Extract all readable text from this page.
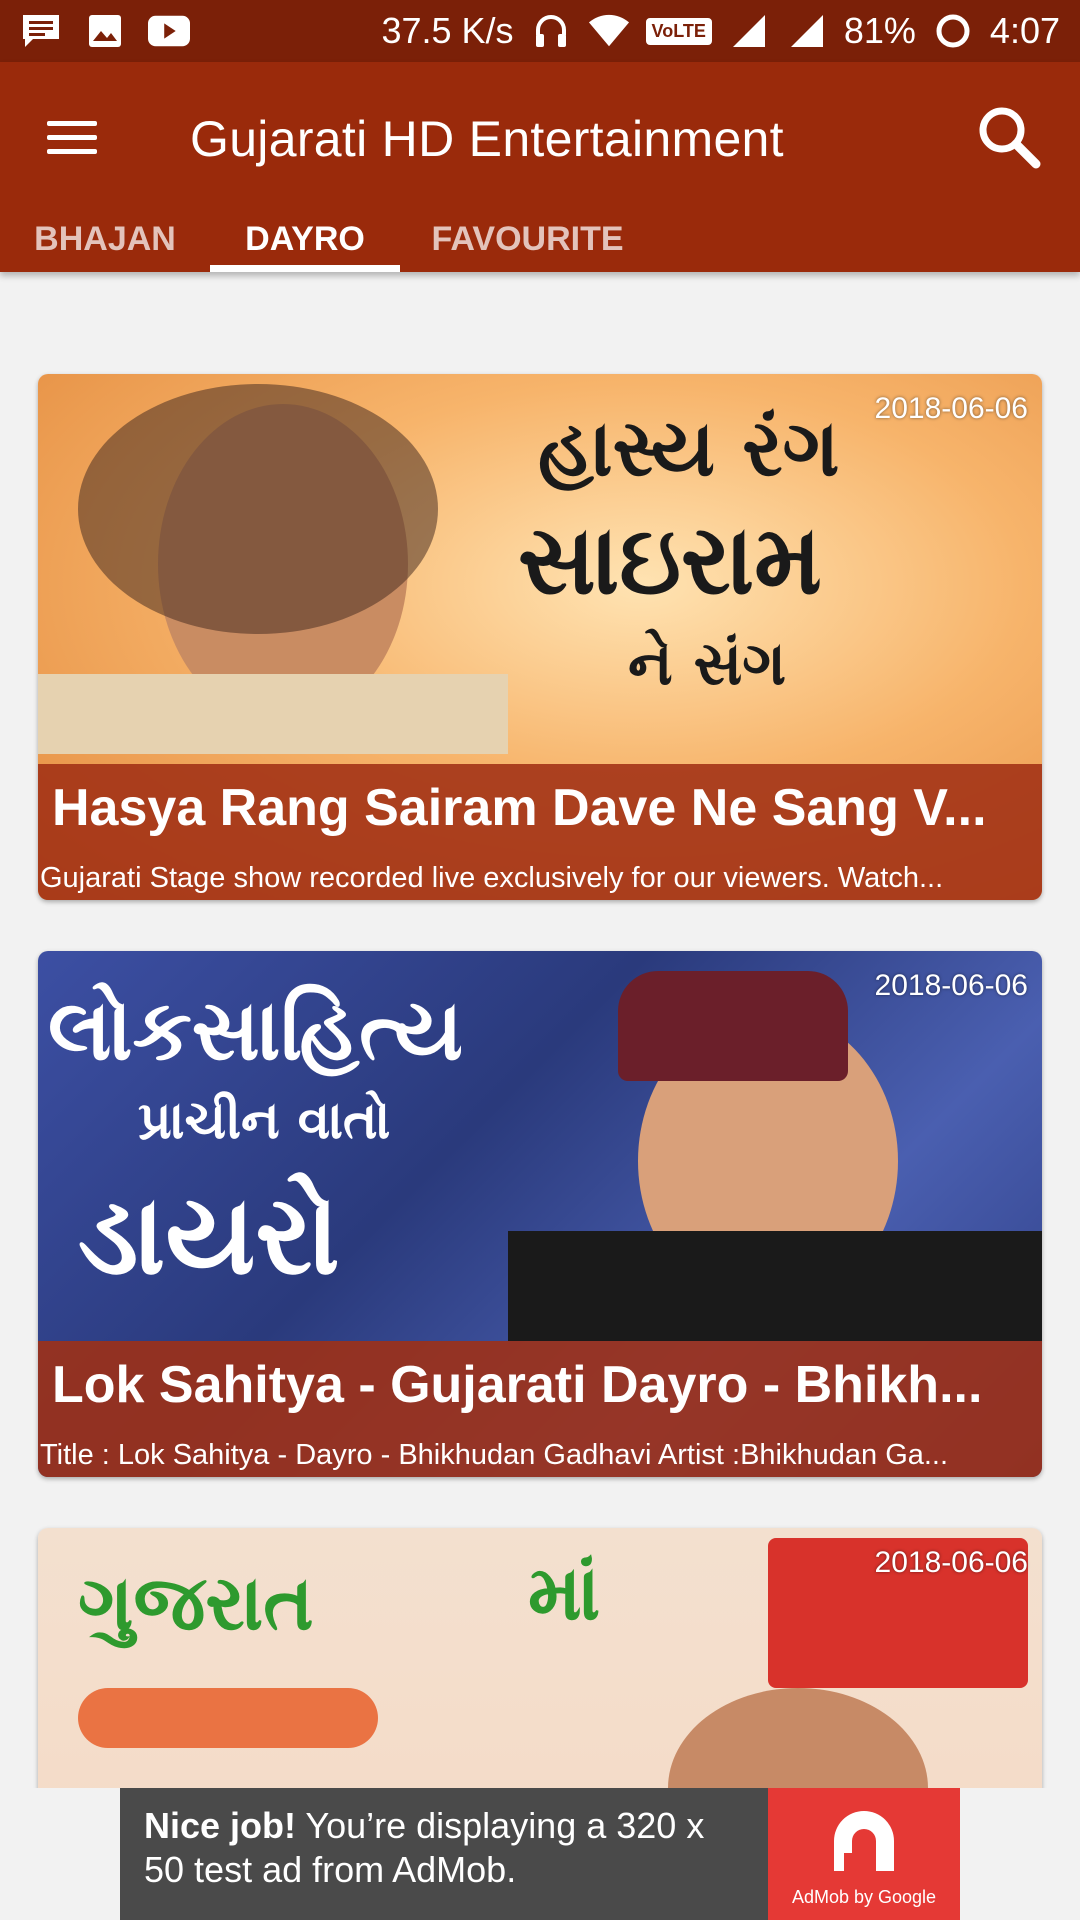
37.5 K/s	VoLTE	81% 4:07
Gujarati HD Entertainment
BHAJAN	DAYRO	FAVOURITE
હાસ્ય રંગ
સાઇરામ
ને સંગ
2018-06-06
Hasya Rang Sairam Dave Ne Sang V...
Gujarati Stage show recorded live exclusively for our viewers. Watch...
લોકસાહિત્ય
પ્રાચીન વાતો
ડાયરો
2018-06-06
Lok Sahitya - Gujarati Dayro - Bhikh...
Title : Lok Sahitya - Dayro - Bhikhudan Gadhavi Artist :Bhikhudan Ga...
ગુજરાત	માં	2018-06-06
Nice job! You’re displaying a 320 x 50 test ad from AdMob.
AdMob by Google
